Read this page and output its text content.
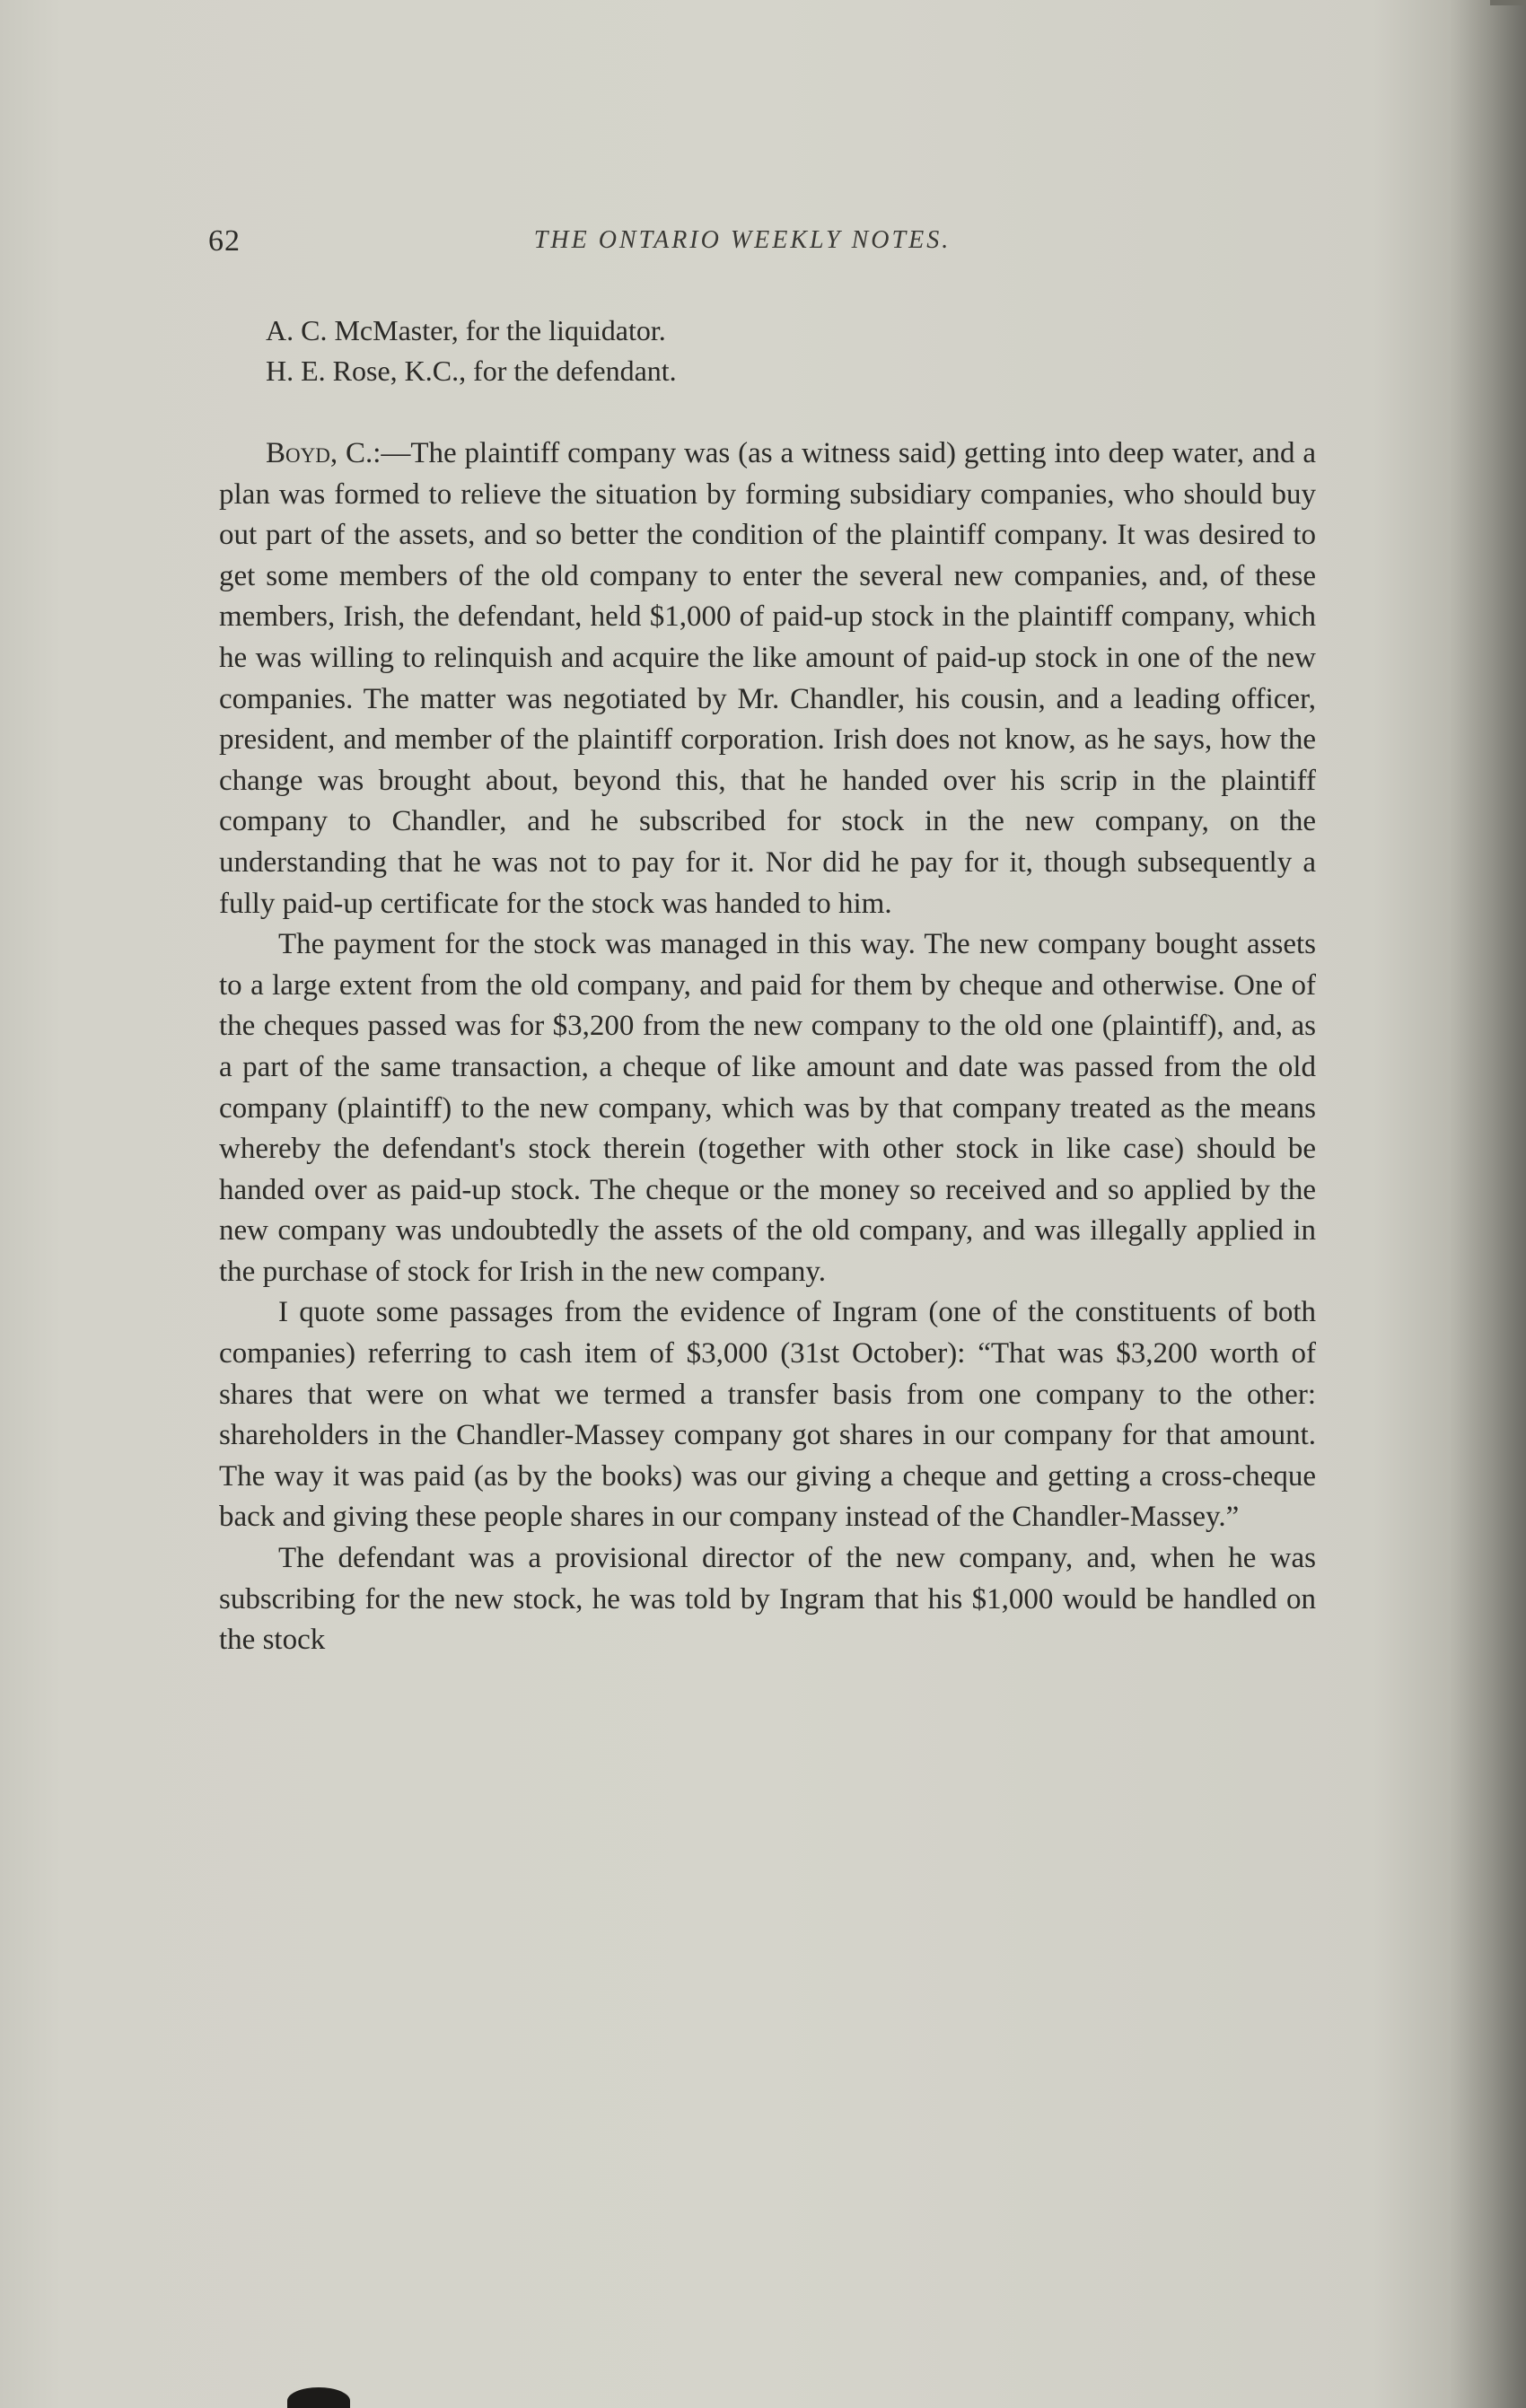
62	THE ONTARIO WEEKLY NOTES.
A. C. McMaster, for the liquidator.
H. E. Rose, K.C., for the defendant.

Boyd, C.:—The plaintiff company was (as a witness said) getting into deep water, and a plan was formed to relieve the situation by forming subsidiary companies, who should buy out part of the assets, and so better the condition of the plaintiff company. It was desired to get some members of the old company to enter the several new companies, and, of these members, Irish, the defendant, held $1,000 of paid-up stock in the plaintiff company, which he was willing to relinquish and acquire the like amount of paid-up stock in one of the new companies. The matter was negotiated by Mr. Chandler, his cousin, and a leading officer, president, and member of the plaintiff corporation. Irish does not know, as he says, how the change was brought about, beyond this, that he handed over his scrip in the plaintiff company to Chandler, and he subscribed for stock in the new company, on the understanding that he was not to pay for it. Nor did he pay for it, though subsequently a fully paid-up certificate for the stock was handed to him.

The payment for the stock was managed in this way. The new company bought assets to a large extent from the old company, and paid for them by cheque and otherwise. One of the cheques passed was for $3,200 from the new company to the old one (plaintiff), and, as a part of the same transaction, a cheque of like amount and date was passed from the old company (plaintiff) to the new company, which was by that company treated as the means whereby the defendant's stock therein (together with other stock in like case) should be handed over as paid-up stock. The cheque or the money so received and so applied by the new company was undoubtedly the assets of the old company, and was illegally applied in the purchase of stock for Irish in the new company.

I quote some passages from the evidence of Ingram (one of the constituents of both companies) referring to cash item of $3,000 (31st October): “That was $3,200 worth of shares that were on what we termed a transfer basis from one company to the other: shareholders in the Chandler-Massey company got shares in our company for that amount. The way it was paid (as by the books) was our giving a cheque and getting a cross-cheque back and giving these people shares in our company instead of the Chandler-Massey.”

The defendant was a provisional director of the new company, and, when he was subscribing for the new stock, he was told by Ingram that his $1,000 would be handled on the stock
